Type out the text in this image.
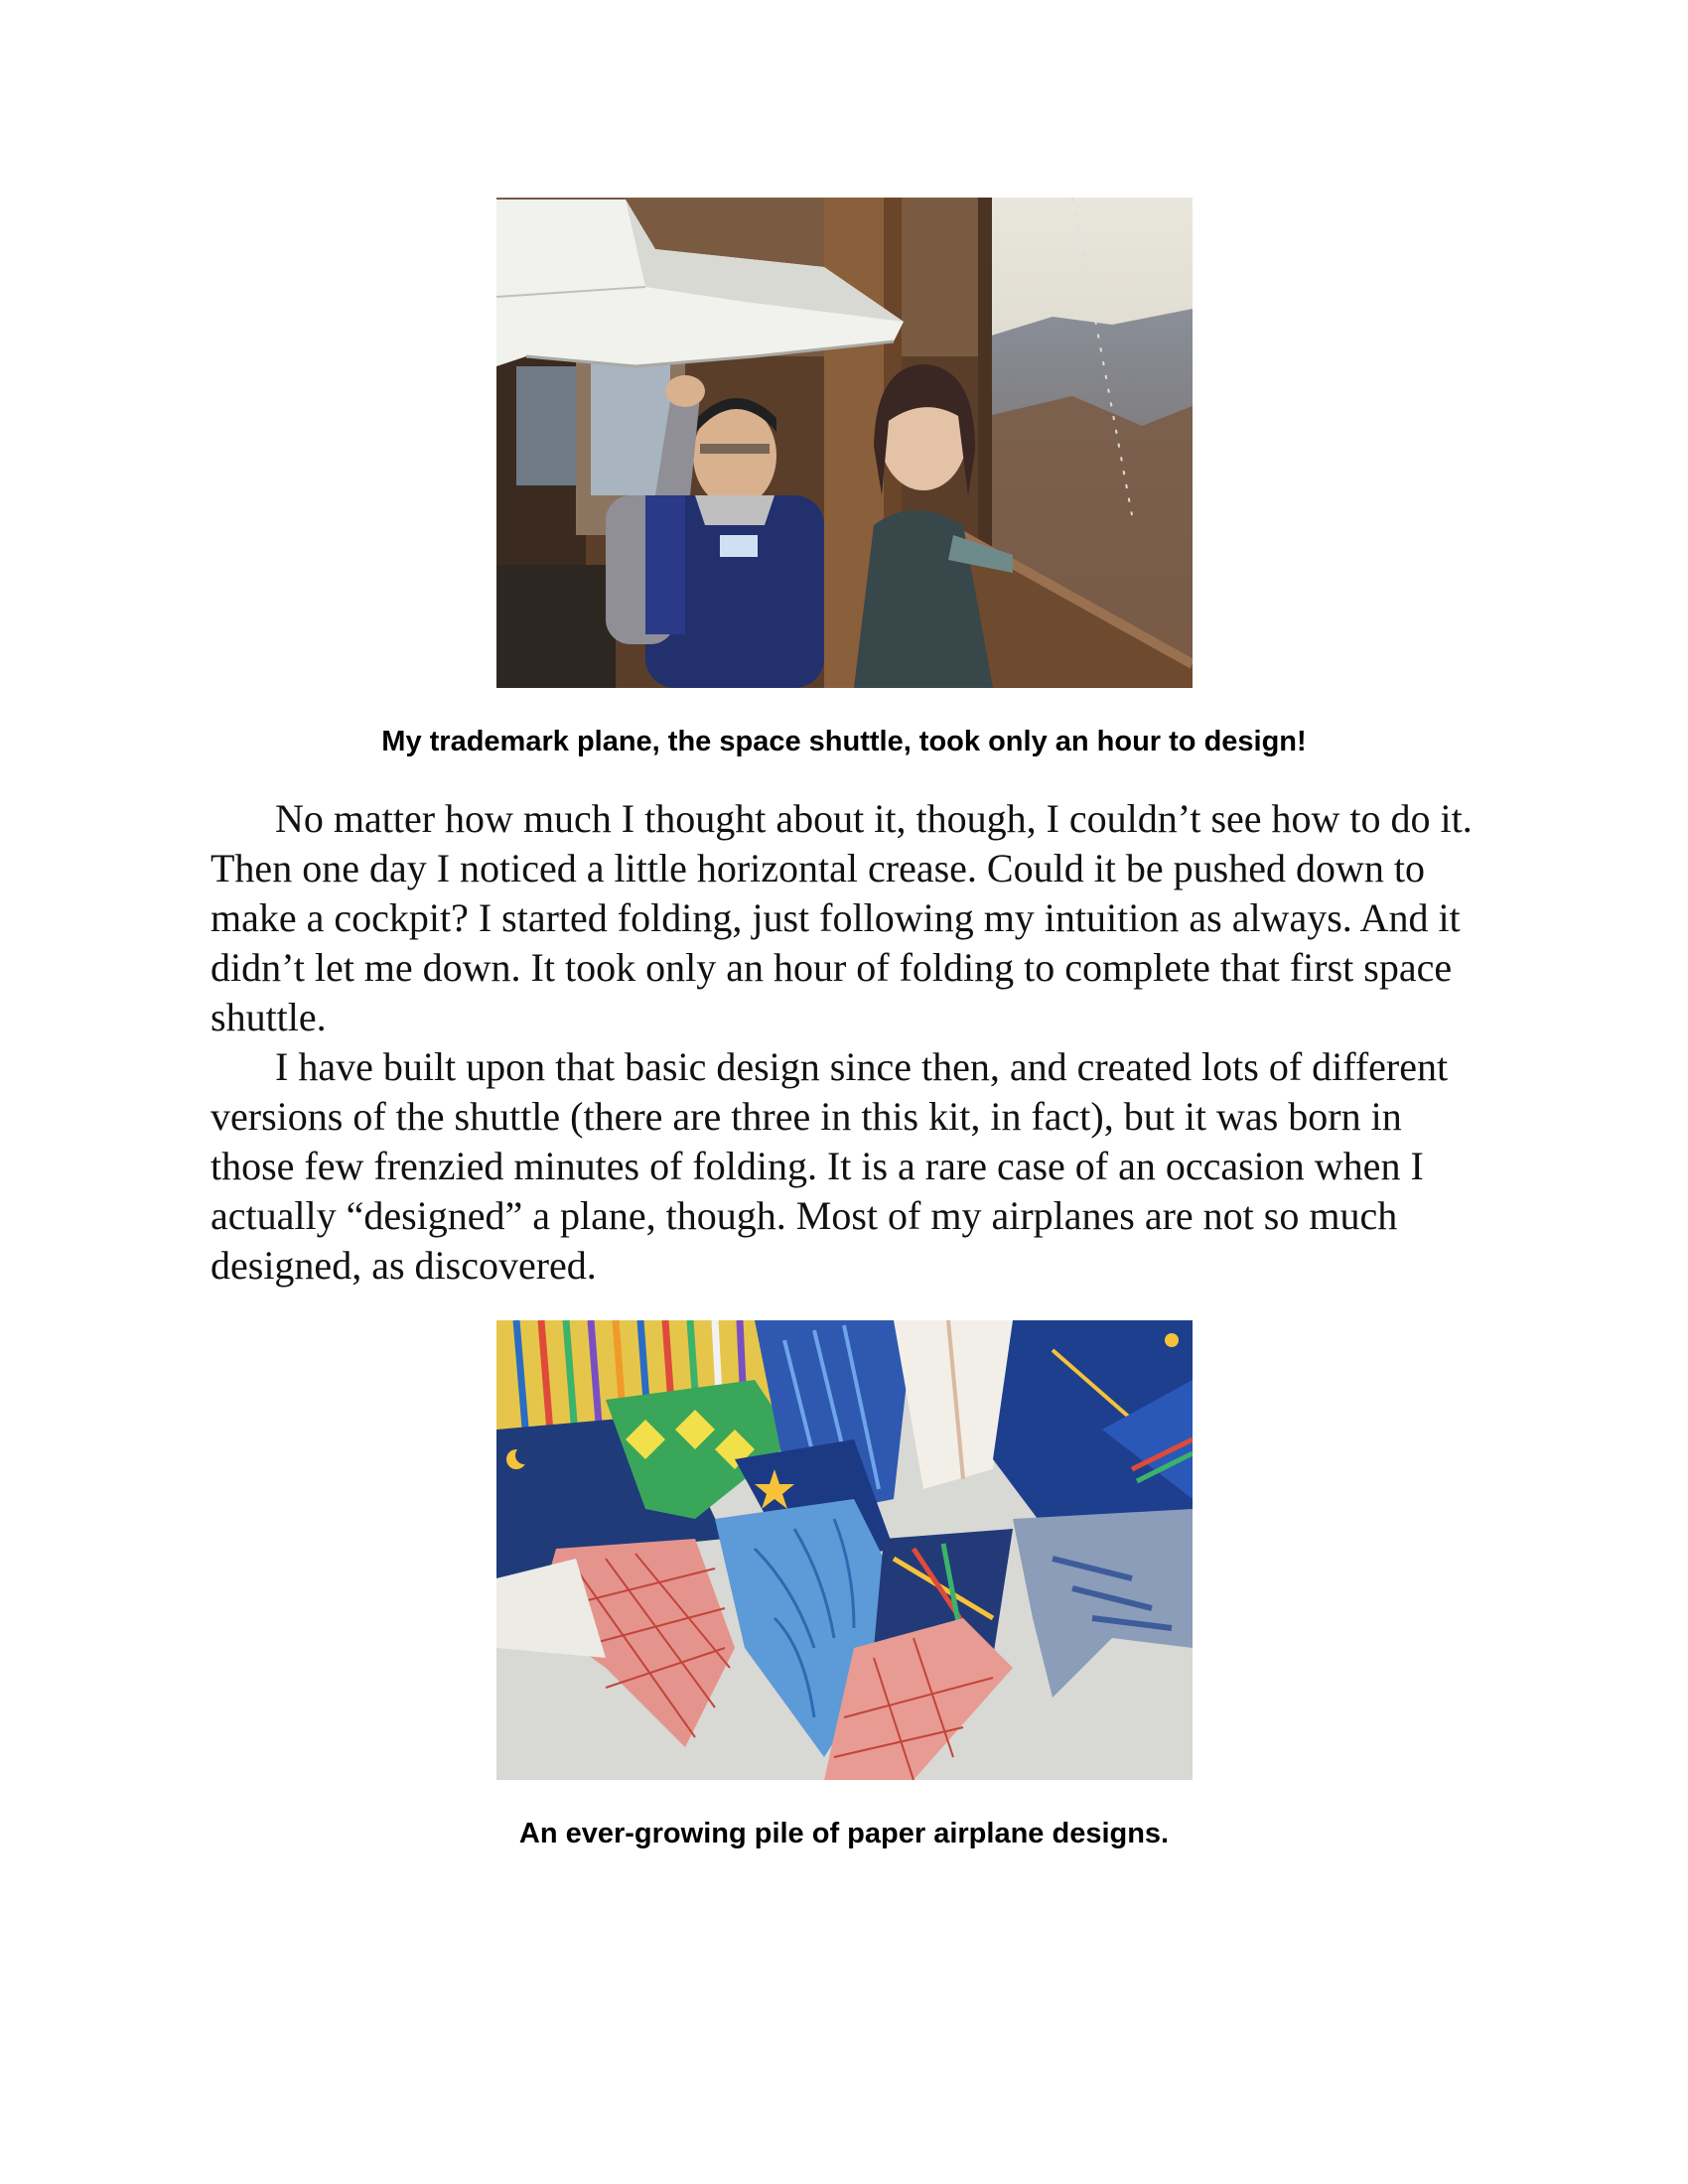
My trademark plane, the space shuttle, took only an hour to design!

No matter how much I thought about it, though, I couldn’t see how to do it. Then one day I noticed a little horizontal crease. Could it be pushed down to make a cockpit? I started folding, just following my intuition as always. And it didn’t let me down. It took only an hour of folding to complete that first space shuttle.

I have built upon that basic design since then, and created lots of different versions of the shuttle (there are three in this kit, in fact), but it was born in those few frenzied minutes of folding. It is a rare case of an occasion when I actually “designed” a plane, though. Most of my airplanes are not so much designed, as discovered.

An ever-growing pile of paper airplane designs.
